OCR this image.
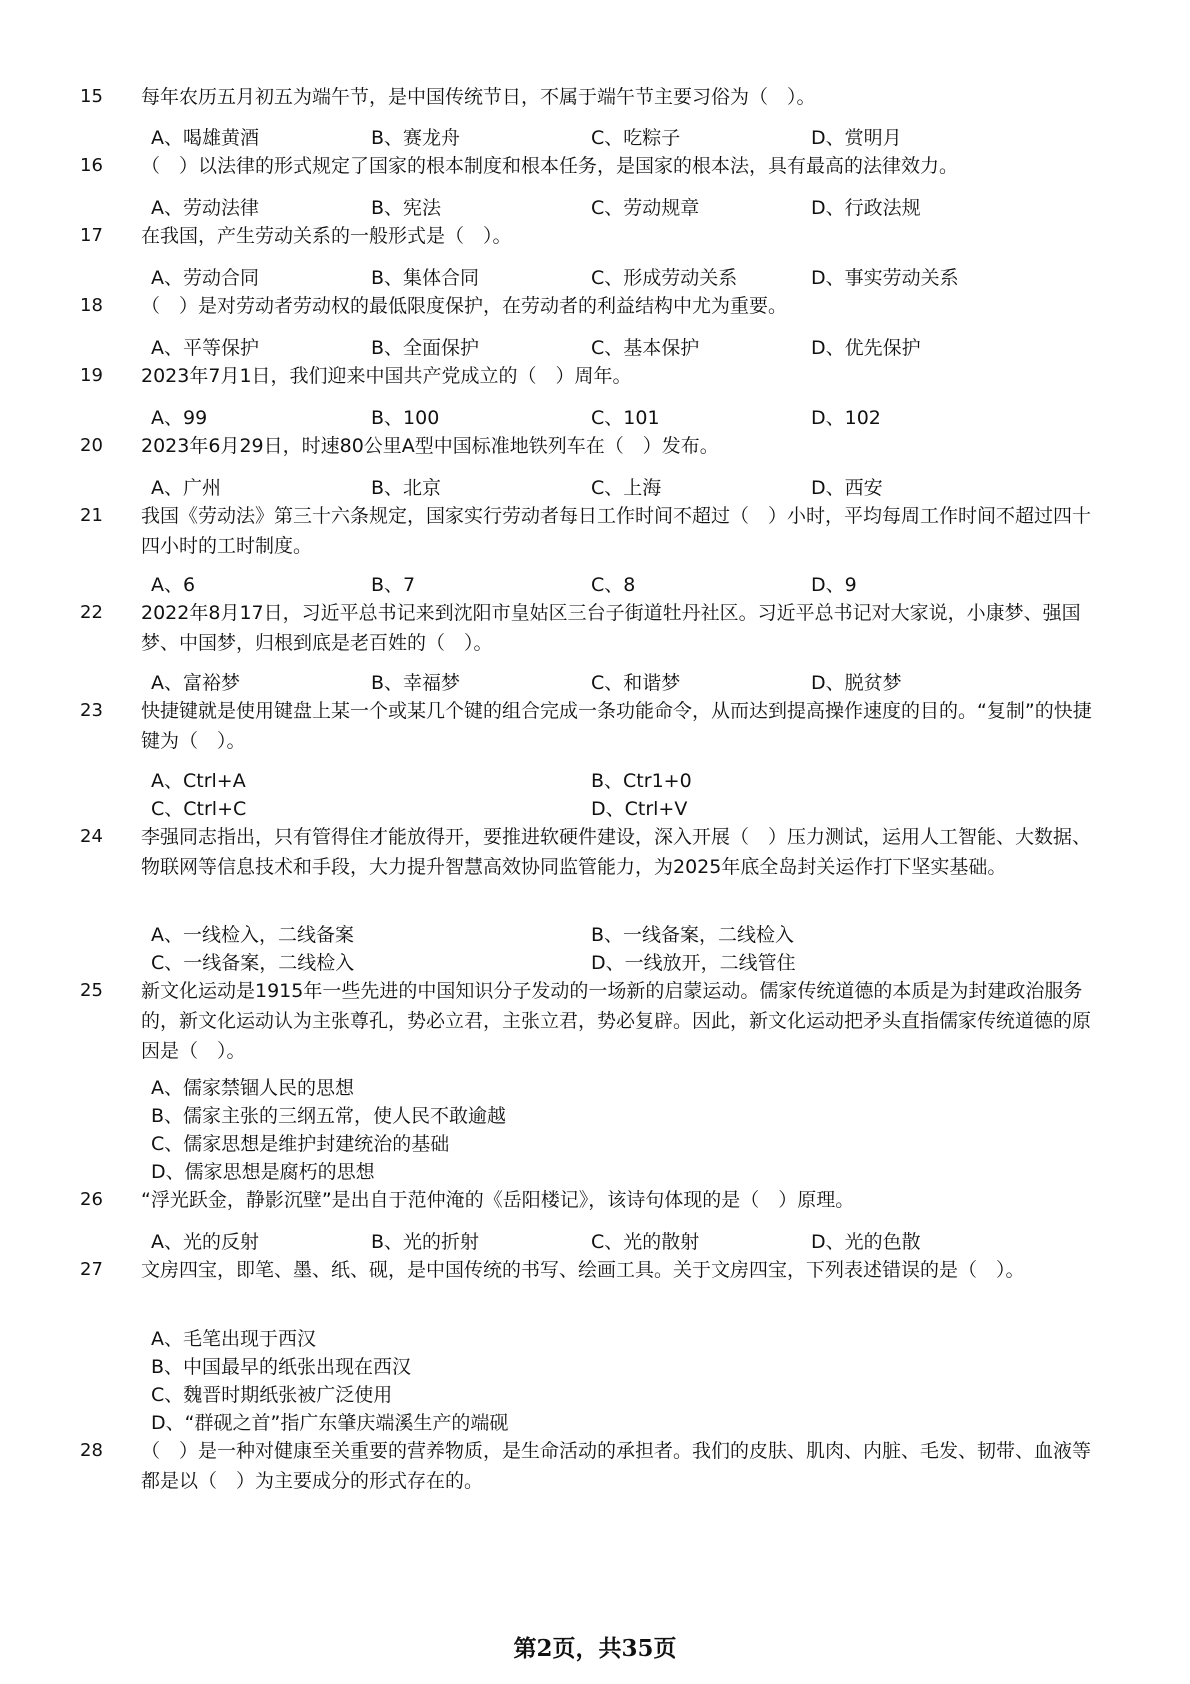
15	每年农历五月初五为端午节，是中国传统节日，不属于端午节主要习俗为（　）。
A、喝雄黄酒	B、赛龙舟	C、吃粽子	D、赏明月
16	（　）以法律的形式规定了国家的根本制度和根本任务，是国家的根本法，具有最高的法律效力。
A、劳动法律	B、宪法	C、劳动规章	D、行政法规
17	在我国，产生劳动关系的一般形式是（　）。
A、劳动合同	B、集体合同	C、形成劳动关系	D、事实劳动关系
18	（　）是对劳动者劳动权的最低限度保护，在劳动者的利益结构中尤为重要。
A、平等保护	B、全面保护	C、基本保护	D、优先保护
19	2023年7月1日，我们迎来中国共产党成立的（　）周年。
A、99	B、100	C、101	D、102
20	2023年6月29日，时速80公里A型中国标准地铁列车在（　）发布。
A、广州	B、北京	C、上海	D、西安
21	我国《劳动法》第三十六条规定，国家实行劳动者每日工作时间不超过（　）小时，平均每周工作时间不超过四十四小时的工时制度。
A、6	B、7	C、8	D、9
22	2022年8月17日，习近平总书记来到沈阳市皇姑区三台子街道牡丹社区。习近平总书记对大家说，小康梦、强国梦、中国梦，归根到底是老百姓的（　）。
A、富裕梦	B、幸福梦	C、和谐梦	D、脱贫梦
23	快捷键就是使用键盘上某一个或某几个键的组合完成一条功能命令，从而达到提高操作速度的目的。“复制”的快捷键为（　）。
A、Ctrl+A	B、Ctr1+0
C、Ctrl+C	D、Ctrl+V
24	李强同志指出，只有管得住才能放得开，要推进软硬件建设，深入开展（　）压力测试，运用人工智能、大数据、物联网等信息技术和手段，大力提升智慧高效协同监管能力，为2025年底全岛封关运作打下坚实基础。
A、一线检入，二线备案	B、一线备案，二线检入
C、一线备案，二线检入	D、一线放开，二线管住
25	新文化运动是1915年一些先进的中国知识分子发动的一场新的启蒙运动。儒家传统道德的本质是为封建政治服务的，新文化运动认为主张尊孔，势必立君，主张立君，势必复辟。因此，新文化运动把矛头直指儒家传统道德的原因是（　）。
A、儒家禁锢人民的思想
B、儒家主张的三纲五常，使人民不敢逾越
C、儒家思想是维护封建统治的基础
D、儒家思想是腐朽的思想
26	“浮光跃金，静影沉壁”是出自于范仲淹的《岳阳楼记》，该诗句体现的是（　）原理。
A、光的反射	B、光的折射	C、光的散射	D、光的色散
27	文房四宝，即笔、墨、纸、砚，是中国传统的书写、绘画工具。关于文房四宝，下列表述错误的是（　）。
A、毛笔出现于西汉
B、中国最早的纸张出现在西汉
C、魏晋时期纸张被广泛使用
D、“群砚之首”指广东肇庆端溪生产的端砚
28	（　）是一种对健康至关重要的营养物质，是生命活动的承担者。我们的皮肤、肌肉、内脏、毛发、韧带、血液等都是以（　）为主要成分的形式存在的。
第2页，共35页
